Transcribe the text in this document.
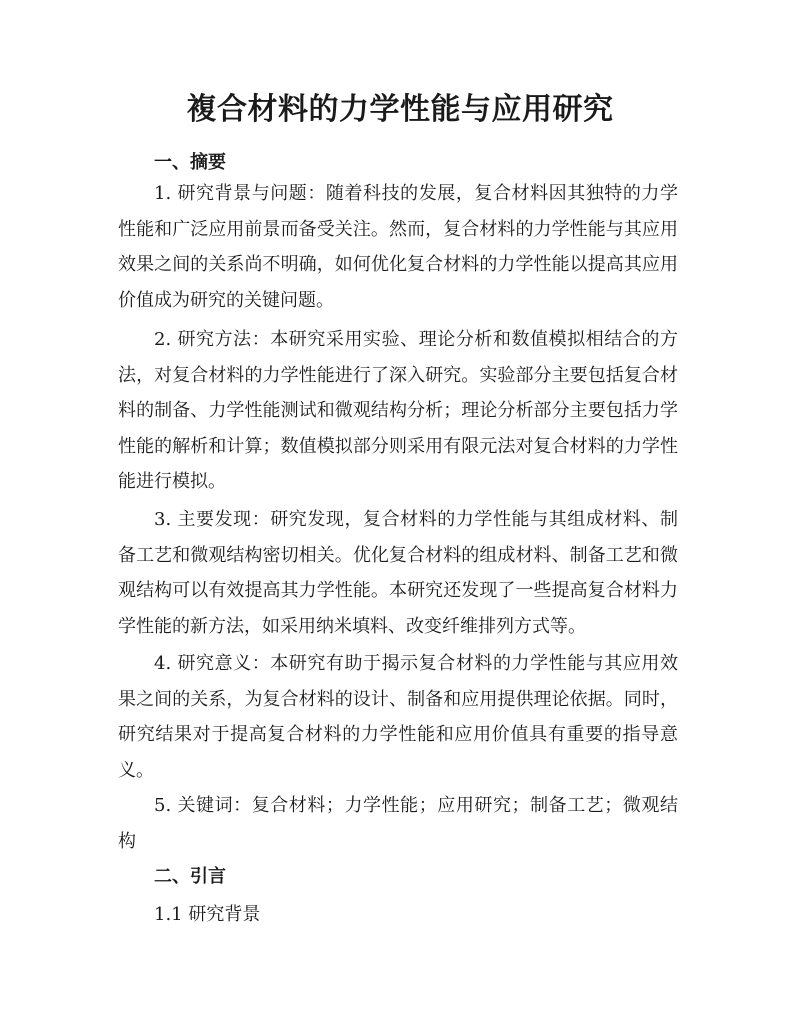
複合材料的力学性能与应用研究
一、摘要

1. 研究背景与问题：随着科技的发展，复合材料因其独特的力学性能和广泛应用前景而备受关注。然而，复合材料的力学性能与其应用效果之间的关系尚不明确，如何优化复合材料的力学性能以提高其应用价值成为研究的关键问题。

2. 研究方法：本研究采用实验、理论分析和数值模拟相结合的方法，对复合材料的力学性能进行了深入研究。实验部分主要包括复合材料的制备、力学性能测试和微观结构分析；理论分析部分主要包括力学性能的解析和计算；数值模拟部分则采用有限元法对复合材料的力学性能进行模拟。

3. 主要发现：研究发现，复合材料的力学性能与其组成材料、制备工艺和微观结构密切相关。优化复合材料的组成材料、制备工艺和微观结构可以有效提高其力学性能。本研究还发现了一些提高复合材料力学性能的新方法，如采用纳米填料、改变纤维排列方式等。

4. 研究意义：本研究有助于揭示复合材料的力学性能与其应用效果之间的关系，为复合材料的设计、制备和应用提供理论依据。同时，研究结果对于提高复合材料的力学性能和应用价值具有重要的指导意义。

5. 关键词：复合材料；力学性能；应用研究；制备工艺；微观结构

二、引言
1.1 研究背景
